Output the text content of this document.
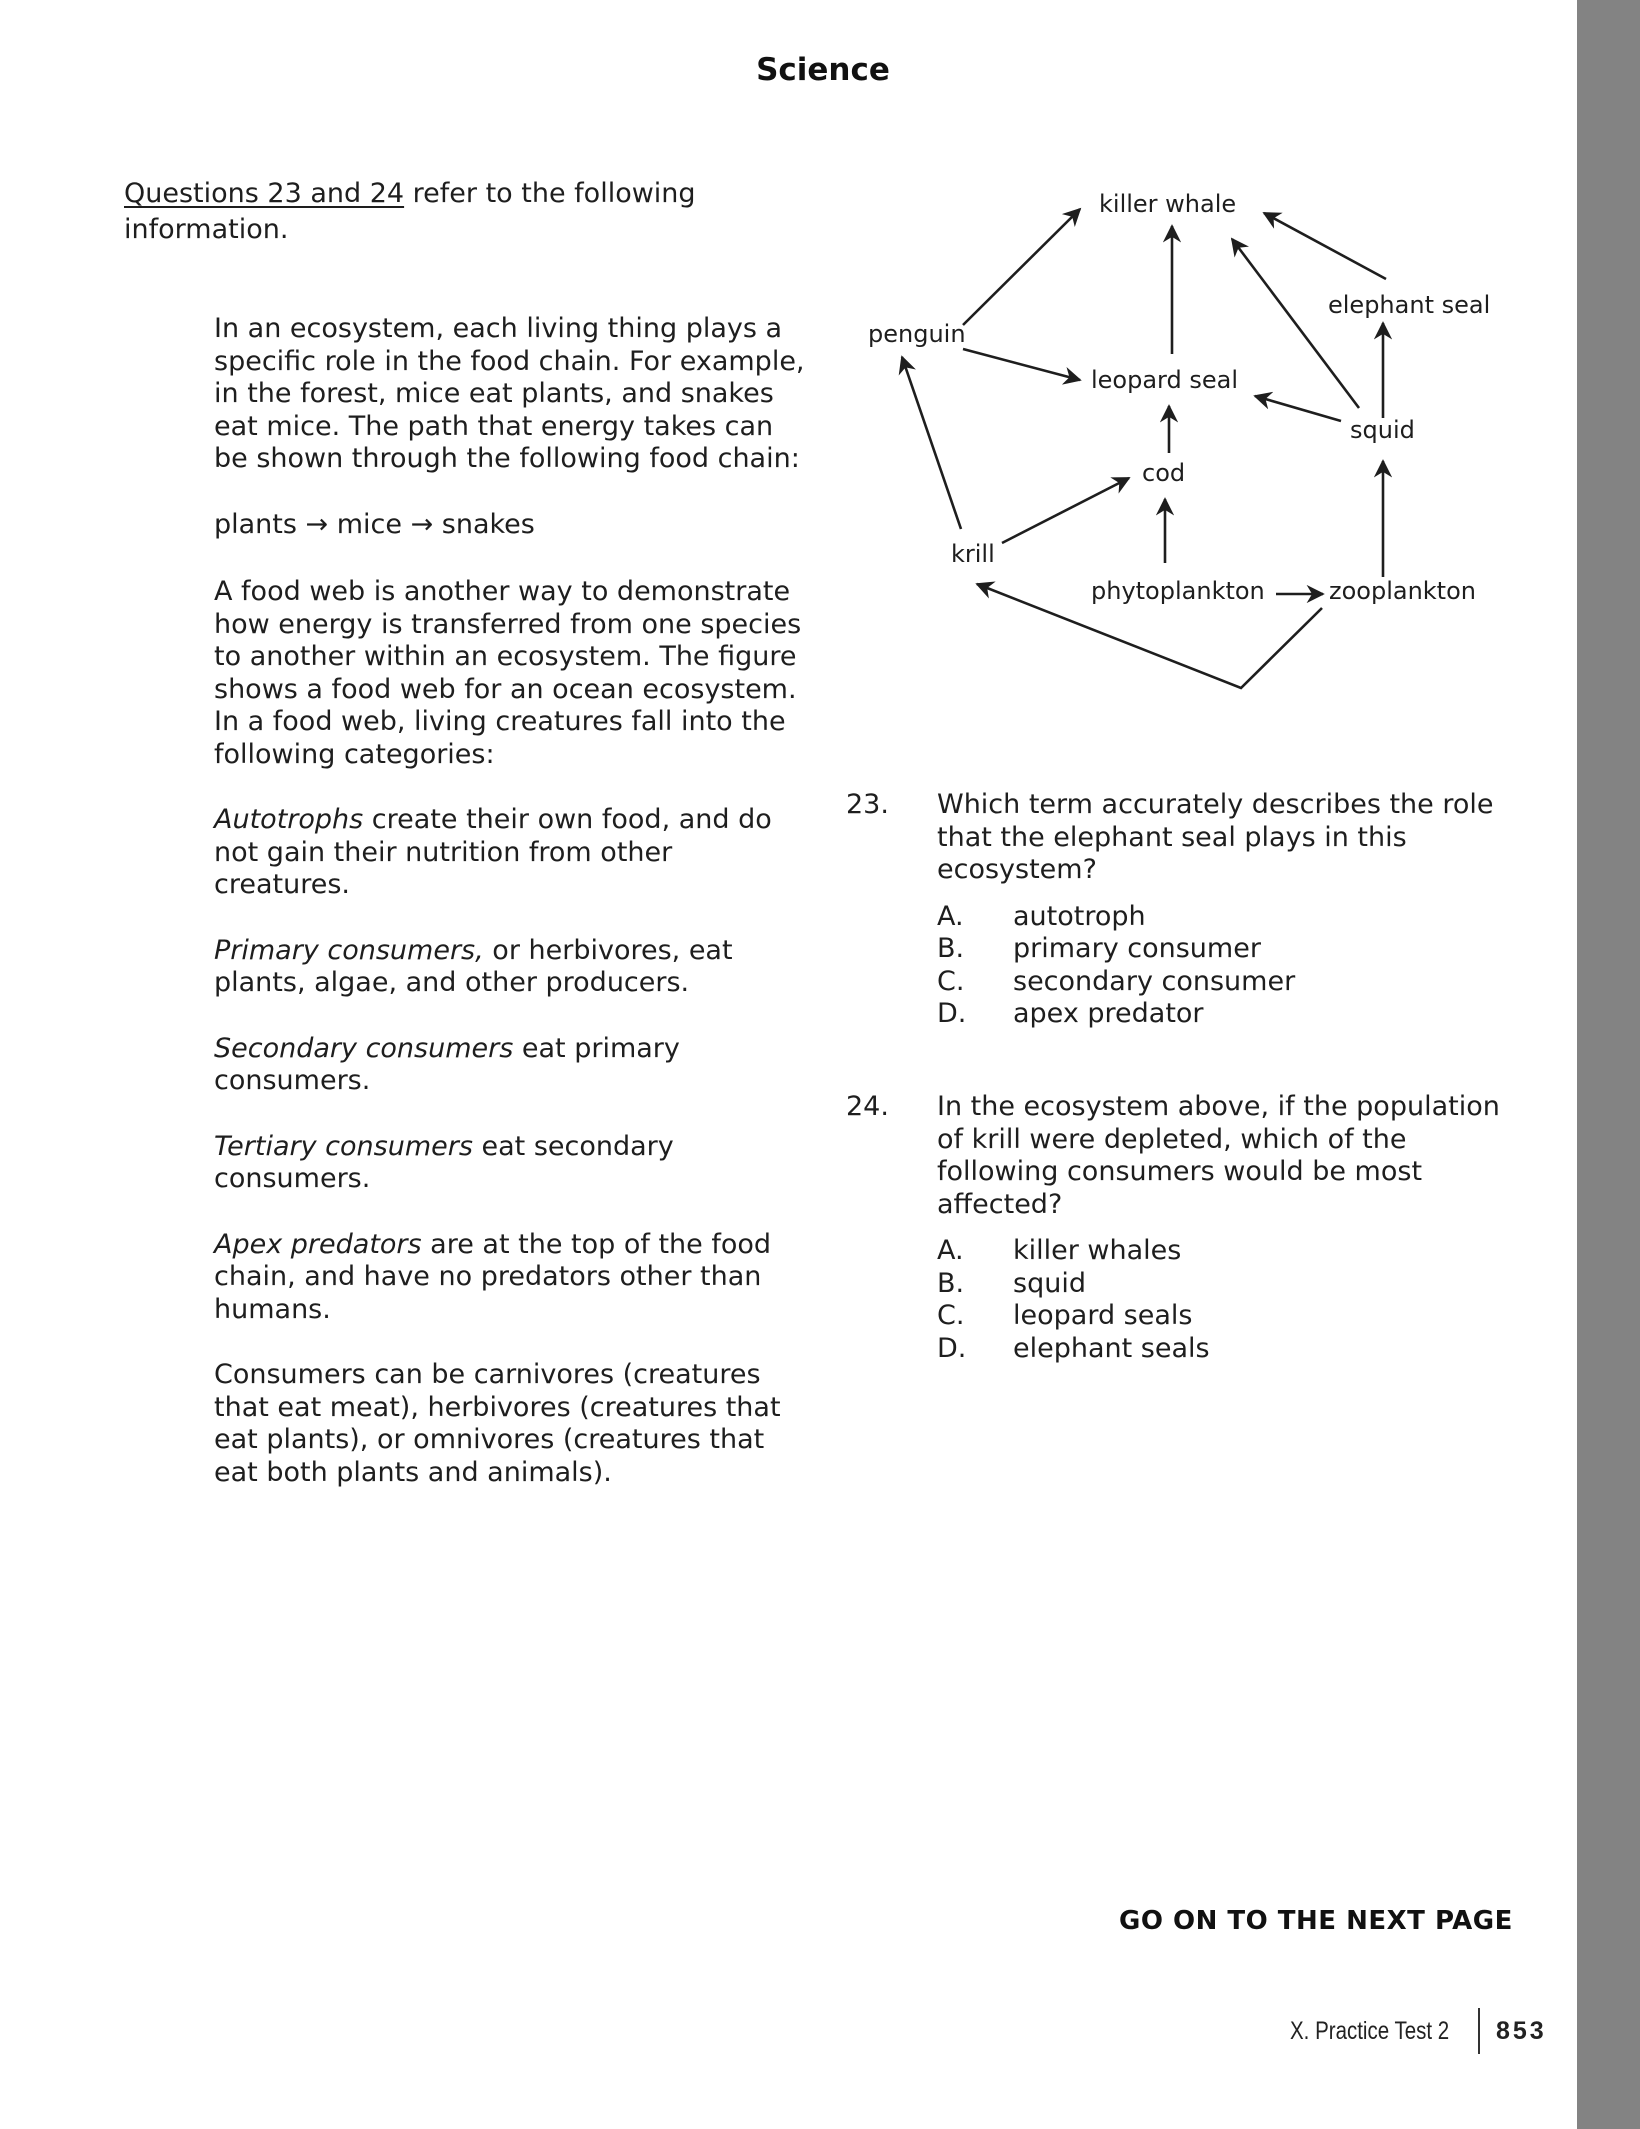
Science
Questions 23 and 24 refer to the following information.

In an ecosystem, each living thing plays a specific role in the food chain. For example, in the forest, mice eat plants, and snakes eat mice. The path that energy takes can be shown through the following food chain:

plants → mice → snakes

A food web is another way to demonstrate how energy is transferred from one species to another within an ecosystem. The figure shows a food web for an ocean ecosystem. In a food web, living creatures fall into the following categories:

Autotrophs create their own food, and do not gain their nutrition from other creatures.

Primary consumers, or herbivores, eat plants, algae, and other producers.

Secondary consumers eat primary consumers.

Tertiary consumers eat secondary consumers.

Apex predators are at the top of the food chain, and have no predators other than humans.

Consumers can be carnivores (creatures that eat meat), herbivores (creatures that eat plants), or omnivores (creatures that eat both plants and animals).

killer whale
elephant seal
penguin
leopard seal
squid
cod
krill
phytoplankton	zooplankton
23. Which term accurately describes the role that the elephant seal plays in this ecosystem?
A.	autotroph
B.	primary consumer
C.	secondary consumer
D.	apex predator
24. In the ecosystem above, if the population of krill were depleted, which of the following consumers would be most affected?
A.	killer whales
B.	squid
C.	leopard seals
D.	elephant seals
GO ON TO THE NEXT PAGE
X. Practice Test 2 853
